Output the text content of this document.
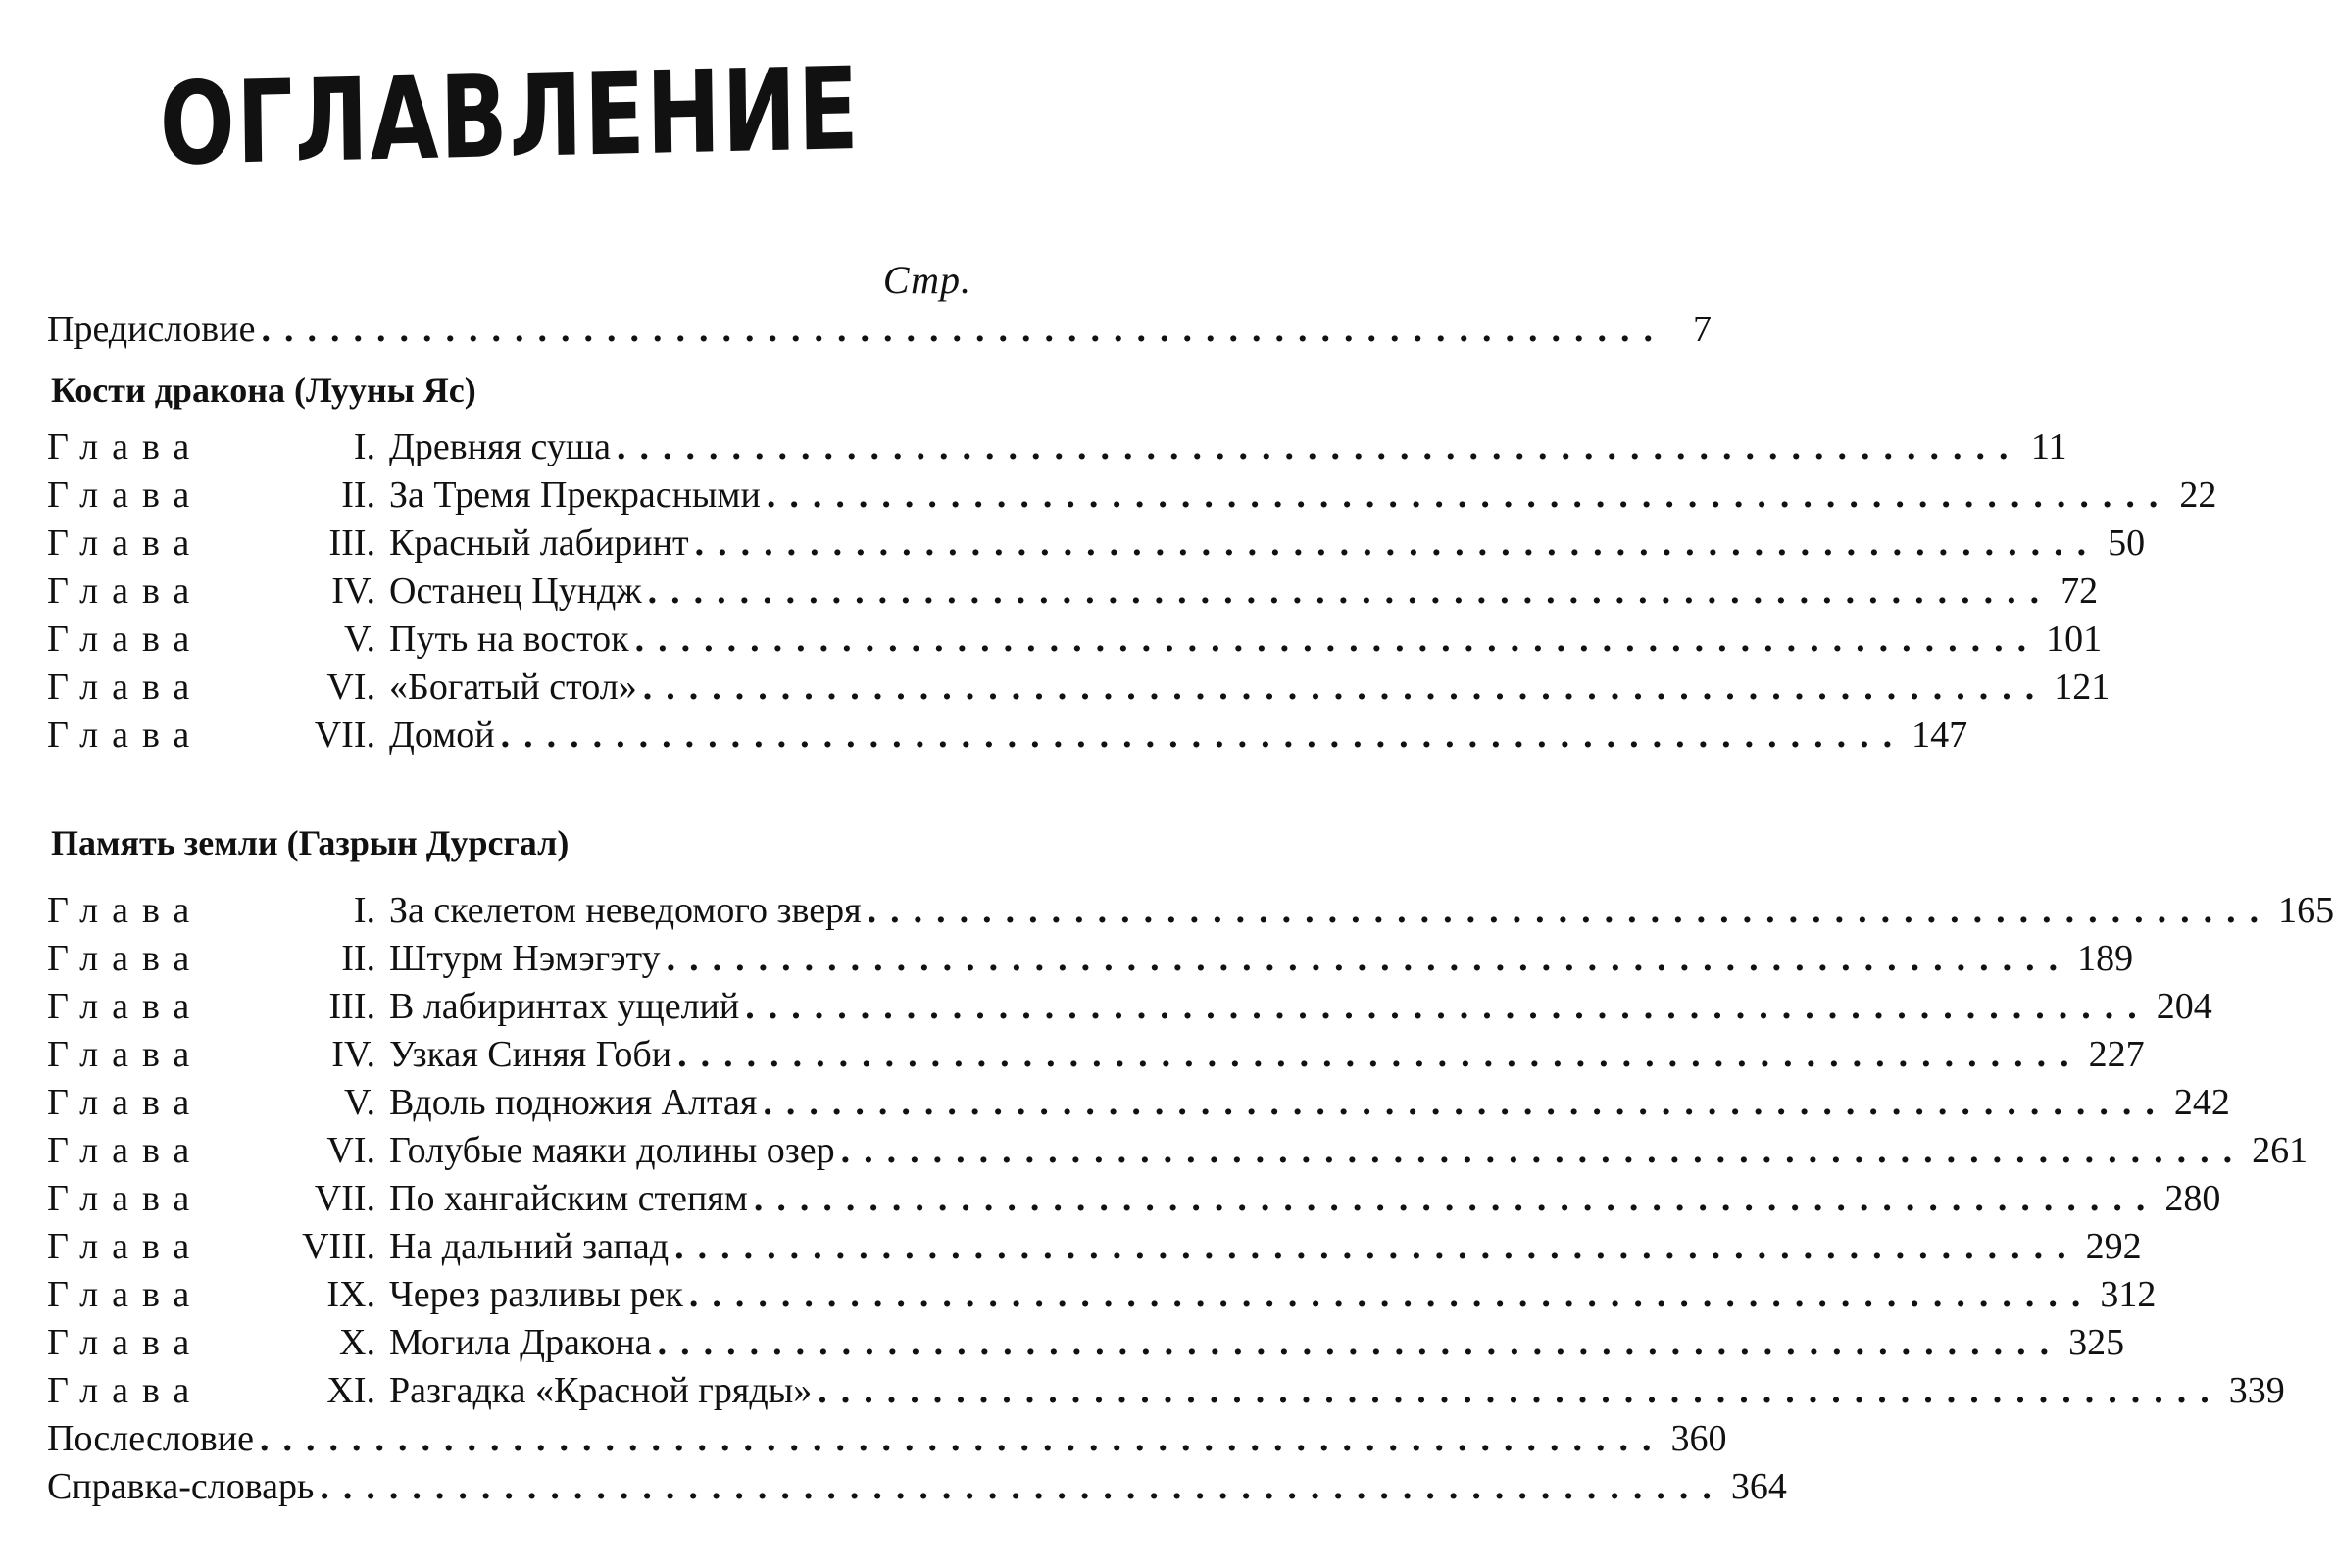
ОГЛАВЛЕНИЕ
Стр.
Предисловие ............................................................. 7
Кости дракона (Лууны Яс)
Глава	I. Древняя суша ............................................................. 11
Глава	II. За Тремя Прекрасными ............................................................. 22
Глава	III. Красный лабиринт ............................................................. 50
Глава	IV. Останец Цундж ............................................................. 72
Глава	V. Путь на восток ............................................................. 101
Глава	VI. «Богатый стол» ............................................................. 121
Глава	VII. Домой ............................................................. 147
Память земли (Газрын Дурсгал)
Глава	I. За скелетом неведомого зверя ............................................................. 165
Глава	II. Штурм Нэмэгэту ............................................................. 189
Глава	III. В лабиринтах ущелий ............................................................. 204
Глава	IV. Узкая Синяя Гоби ............................................................. 227
Глава	V. Вдоль подножия Алтая ............................................................. 242
Глава	VI. Голубые маяки долины озер ............................................................. 261
Глава	VII. По хангайским степям ............................................................. 280
Глава	VIII. На дальний запад ............................................................. 292
Глава	IX. Через разливы рек ............................................................. 312
Глава	X. Могила Дракона ............................................................. 325
Глава	XI. Разгадка «Красной гряды» ............................................................. 339
Послесловие ............................................................. 360
Справка-словарь ............................................................. 364
